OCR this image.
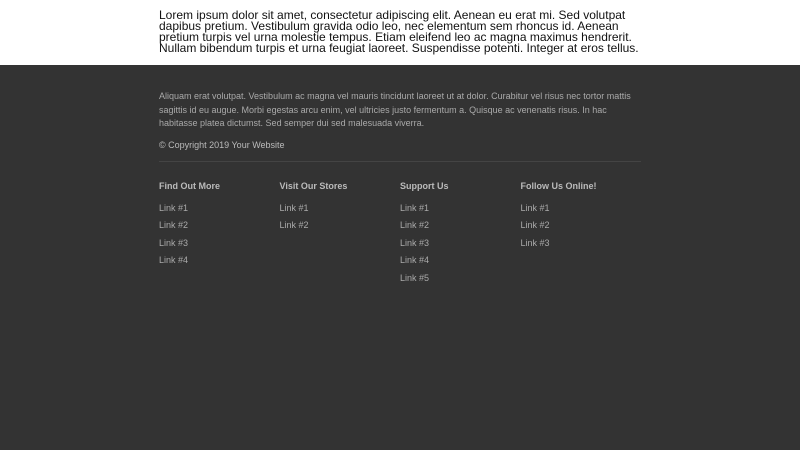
Lorem ipsum dolor sit amet, consectetur adipiscing elit. Aenean eu erat mi. Sed volutpat dapibus pretium. Vestibulum gravida odio leo, nec elementum sem rhoncus id. Aenean pretium turpis vel urna molestie tempus. Etiam eleifend leo ac magna maximus hendrerit. Nullam bibendum turpis et urna feugiat laoreet. Suspendisse potenti. Integer at eros tellus.

Aliquam erat volutpat. Vestibulum ac magna vel mauris tincidunt laoreet ut at dolor. Curabitur vel risus nec tortor mattis sagittis id eu augue. Morbi egestas arcu enim, vel ultricies justo fermentum a. Quisque ac venenatis risus. In hac habitasse platea dictumst. Sed semper dui sed malesuada viverra.

© Copyright 2019 Your Website

Find Out More
Link #1
Link #2
Link #3
Link #4
Visit Our Stores
Link #1
Link #2
Support Us
Link #1
Link #2
Link #3
Link #4
Link #5
Follow Us Online!
Link #1
Link #2
Link #3
